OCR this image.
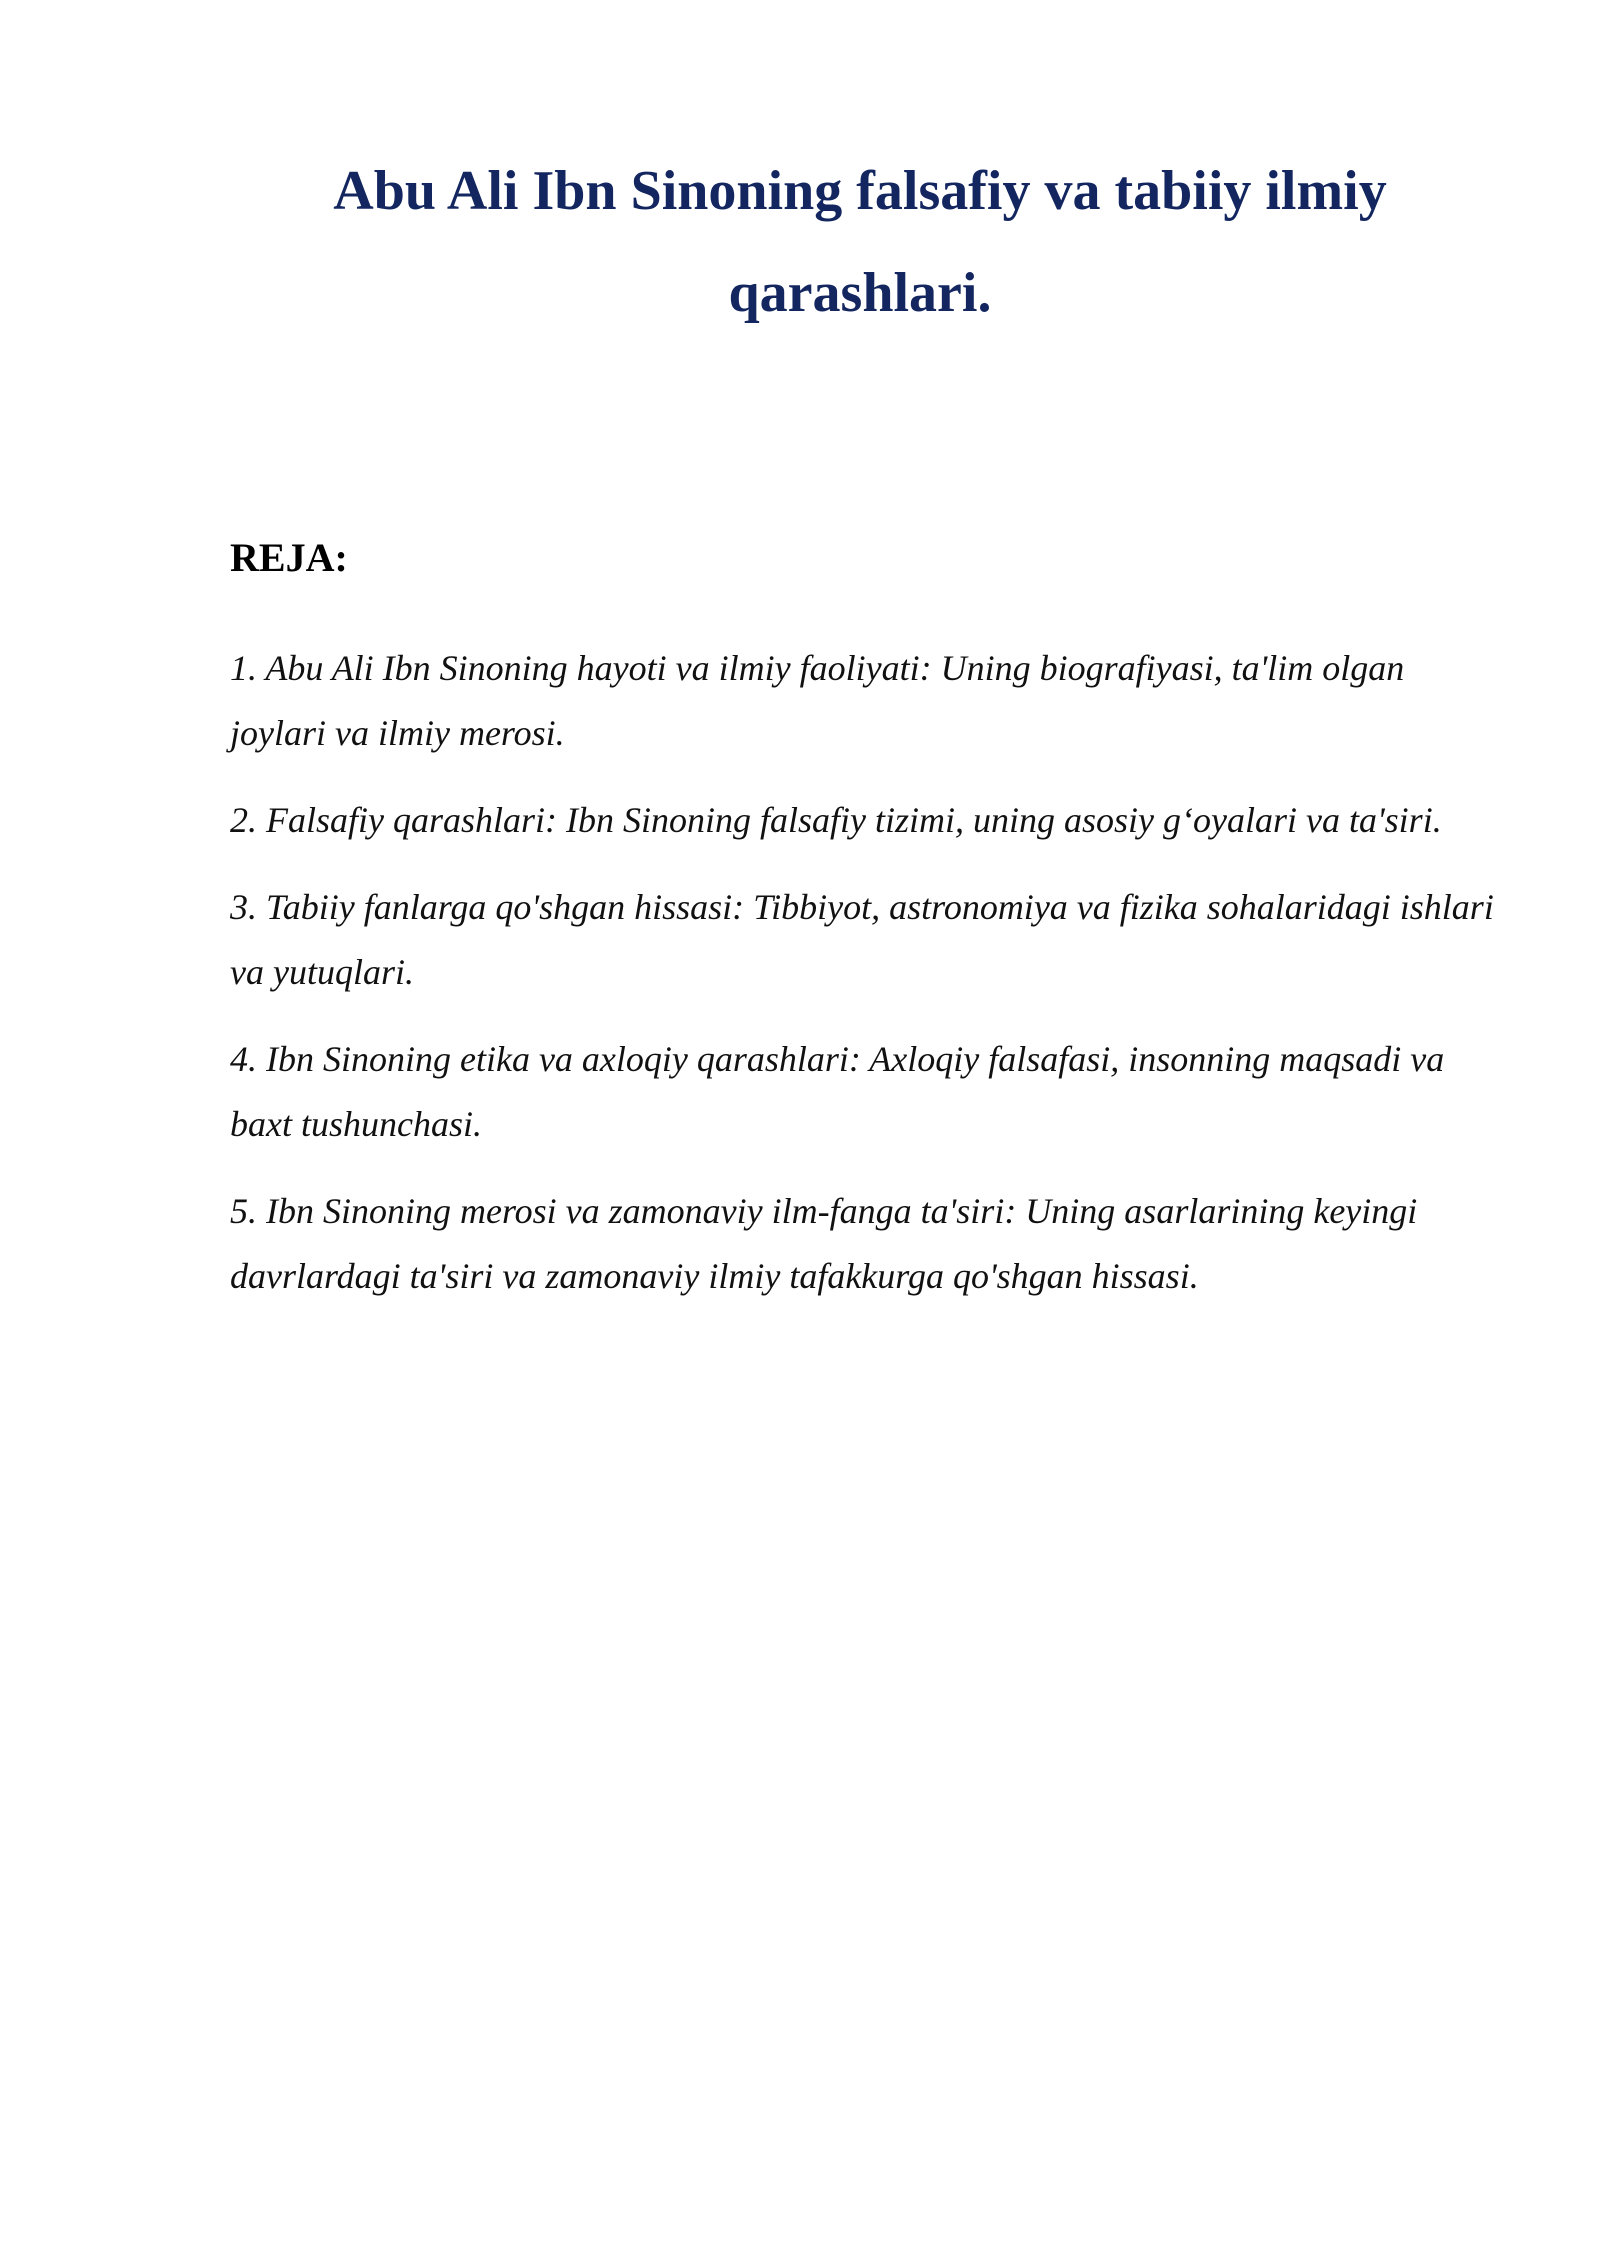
Abu Ali Ibn Sinoning falsafiy va tabiiy ilmiy qarashlari.
REJA:
1. Abu Ali Ibn Sinoning hayoti va ilmiy faoliyati: Uning biografiyasi, ta'lim olgan joylari va ilmiy merosi.
2. Falsafiy qarashlari: Ibn Sinoning falsafiy tizimi, uning asosiy g‘oyalari va ta'siri.
3. Tabiiy fanlarga qo'shgan hissasi: Tibbiyot, astronomiya va fizika sohalaridagi ishlari va yutuqlari.
4. Ibn Sinoning etika va axloqiy qarashlari: Axloqiy falsafasi, insonning maqsadi va baxt tushunchasi.
5. Ibn Sinoning merosi va zamonaviy ilm-fanga ta'siri: Uning asarlarining keyingi davrlardagi ta'siri va zamonaviy ilmiy tafakkurga qo'shgan hissasi.
